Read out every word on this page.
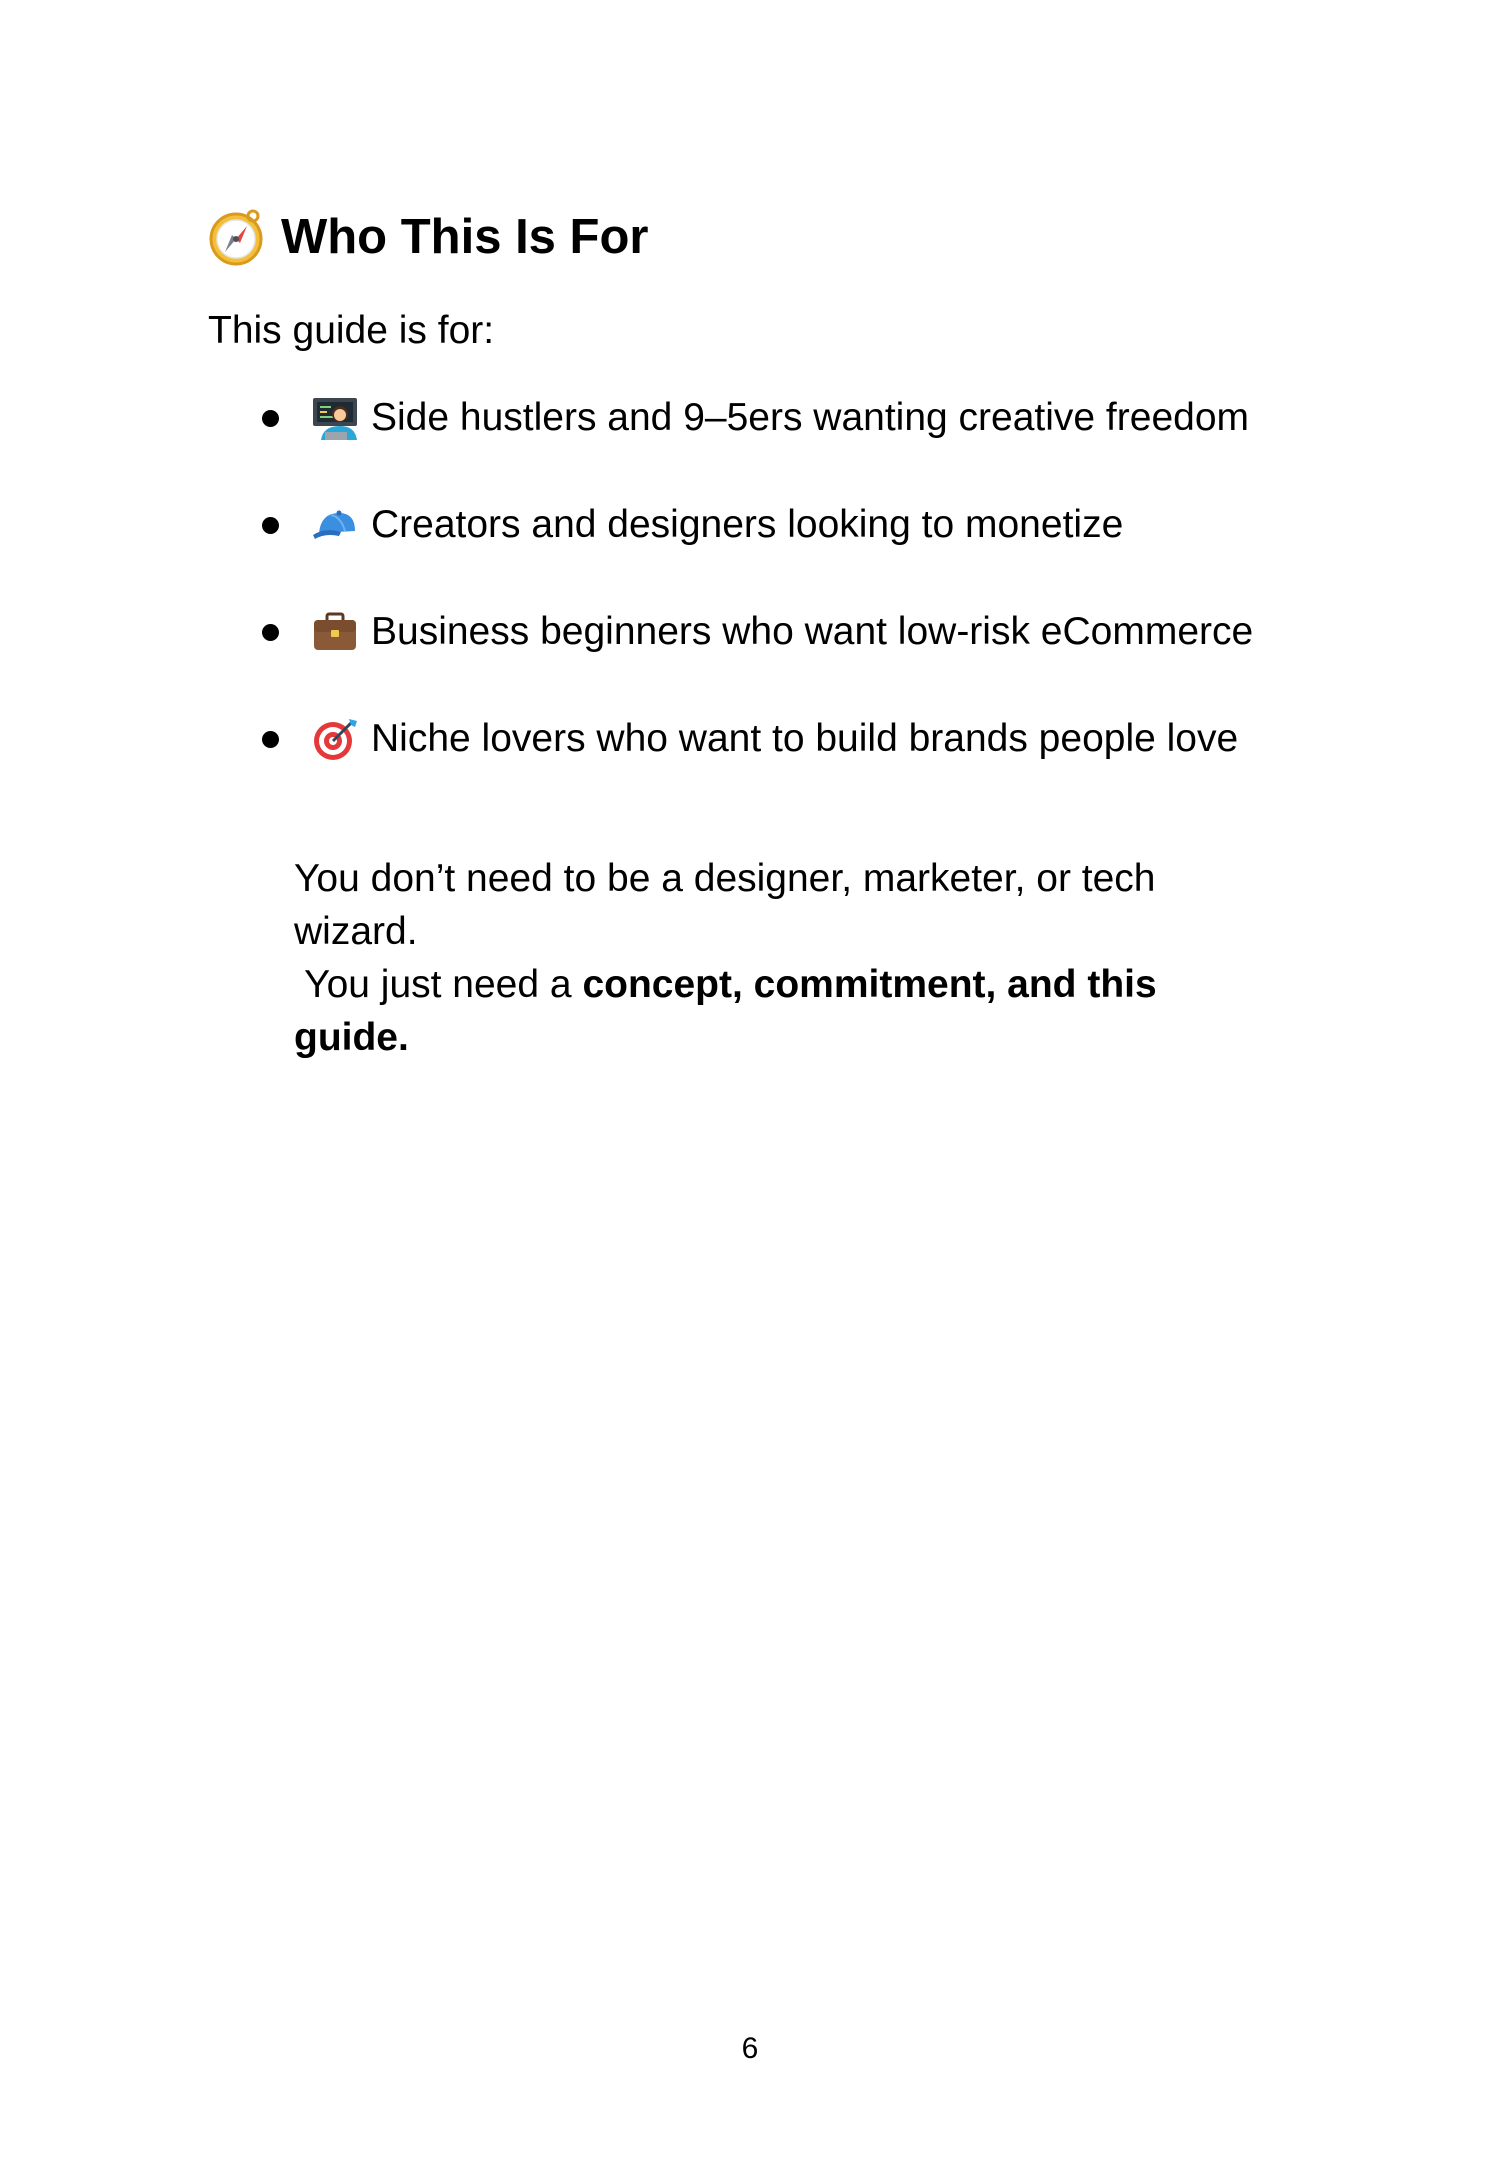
Who This Is For
This guide is for:
Side hustlers and 9–5ers wanting creative freedom
Creators and designers looking to monetize
Business beginners who want low-risk eCommerce
Niche lovers who want to build brands people love

You don’t need to be a designer, marketer, or tech wizard.

You just need a concept, commitment, and this guide.

6
